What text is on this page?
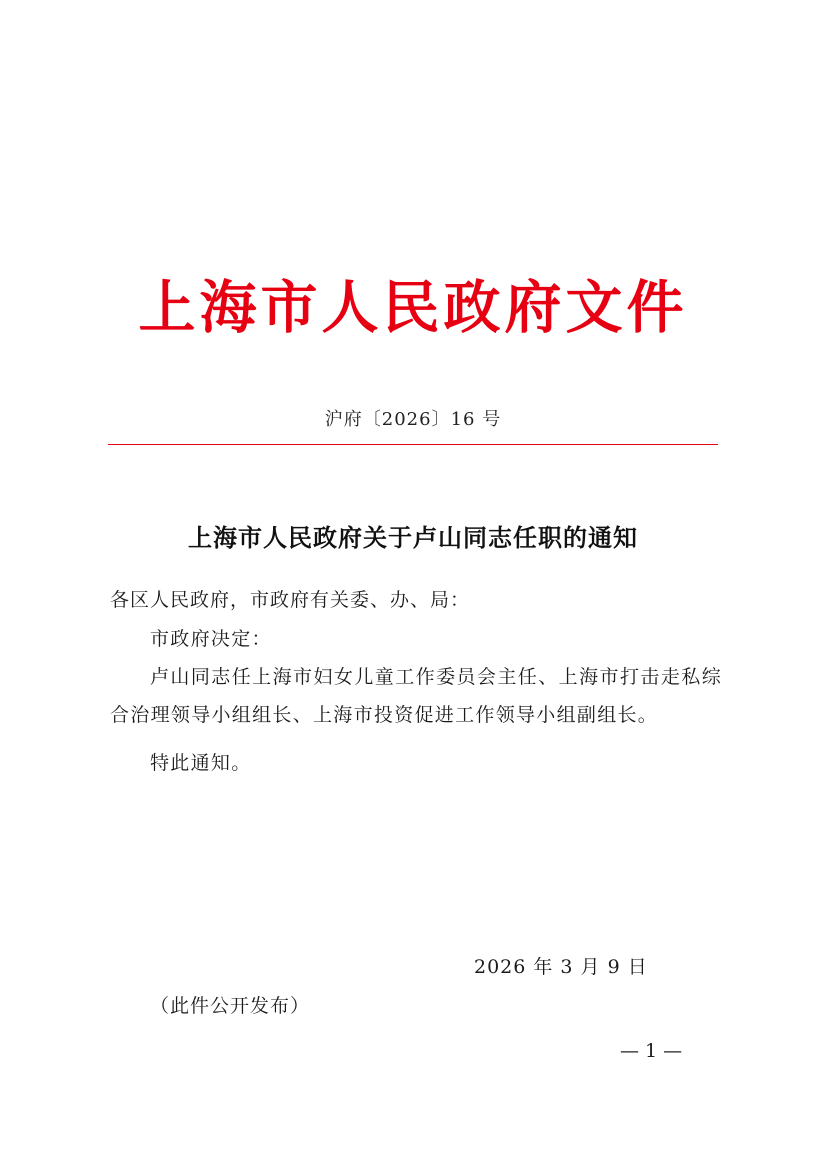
上海市人民政府文件
沪府〔2026〕16 号
上海市人民政府关于卢山同志任职的通知
各区人民政府，市政府有关委、办、局：
市政府决定：
卢山同志任上海市妇女儿童工作委员会主任、上海市打击走私综合治理领导小组组长、上海市投资促进工作领导小组副组长。
特此通知。
2026 年 3 月 9 日
（此件公开发布）
— 1 —
